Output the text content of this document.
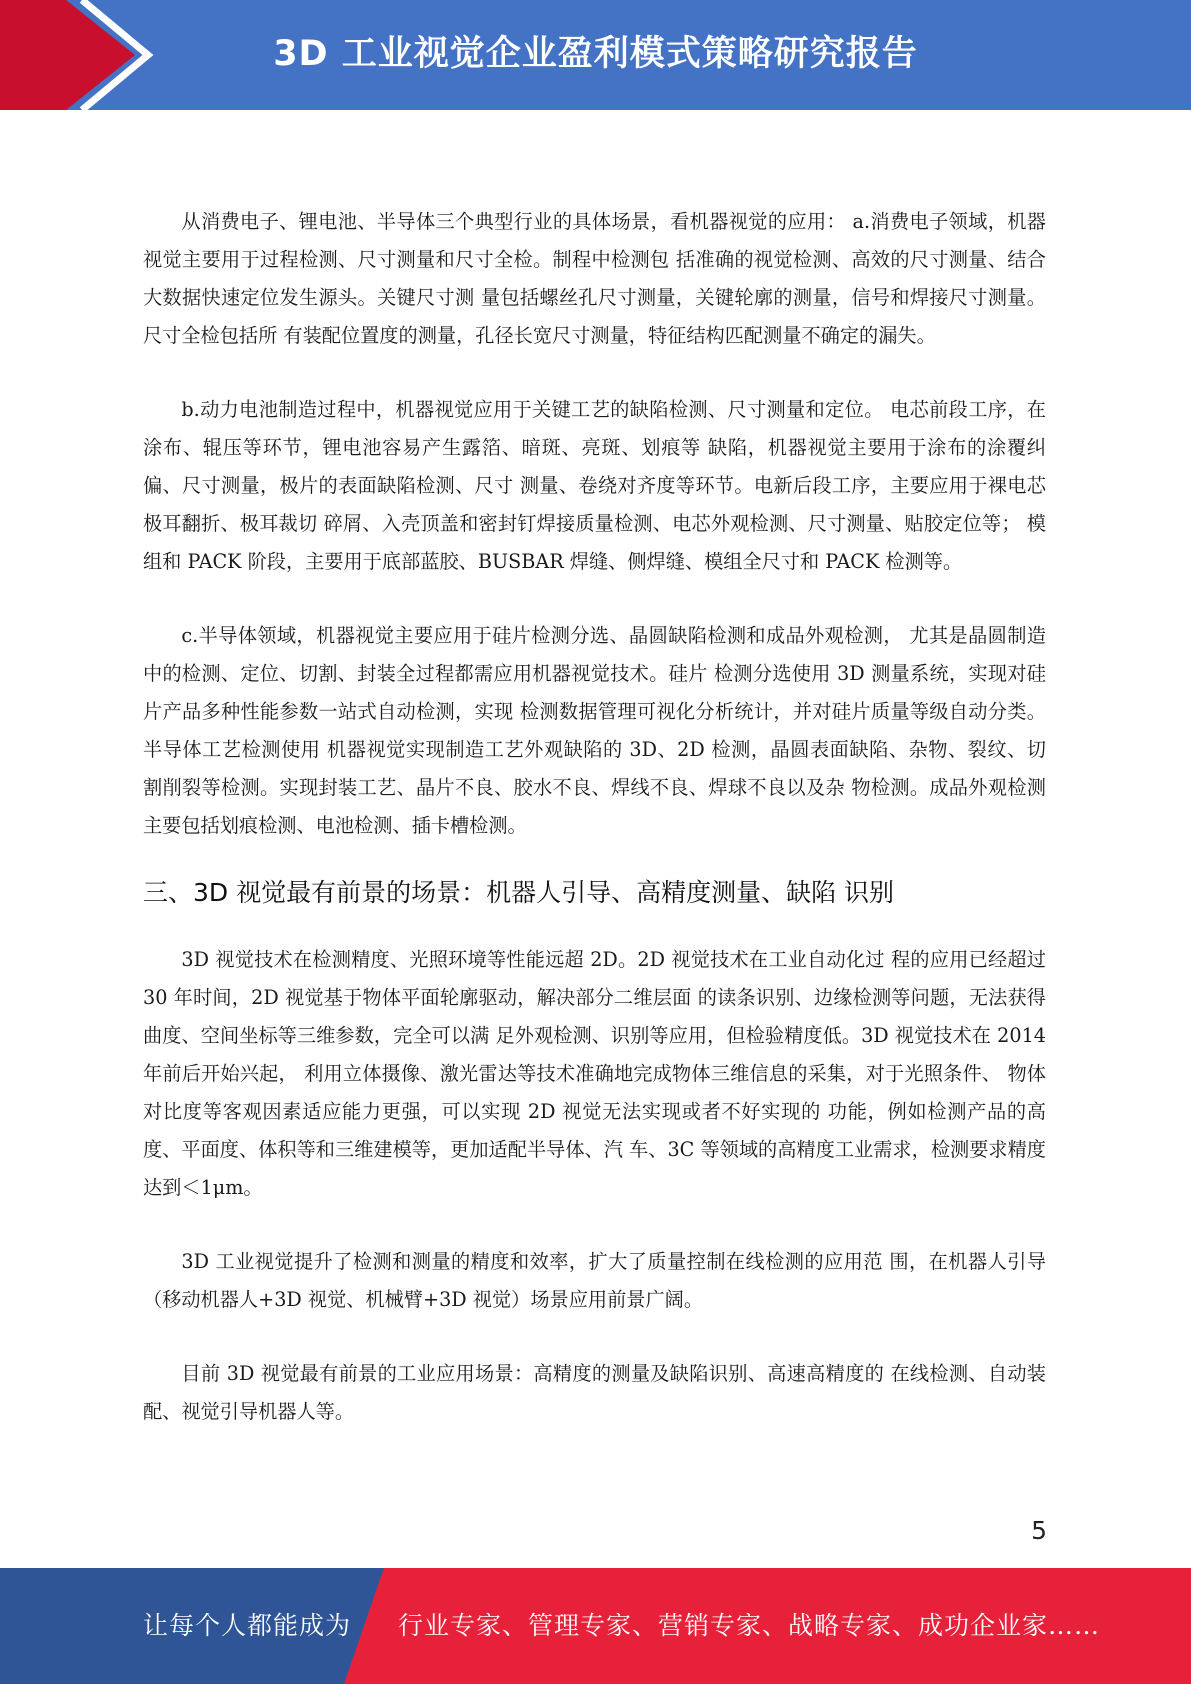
3D 工业视觉企业盈利模式策略研究报告

从消费电子、锂电池、半导体三个典型行业的具体场景，看机器视觉的应用： a.消费电子领域，机器视觉主要用于过程检测、尺寸测量和尺寸全检。制程中检测包 括准确的视觉检测、高效的尺寸测量、结合大数据快速定位发生源头。关键尺寸测 量包括螺丝孔尺寸测量，关键轮廓的测量，信号和焊接尺寸测量。尺寸全检包括所 有装配位置度的测量，孔径长宽尺寸测量，特征结构匹配测量不确定的漏失。

b.动力电池制造过程中，机器视觉应用于关键工艺的缺陷检测、尺寸测量和定位。 电芯前段工序，在涂布、辊压等环节，锂电池容易产生露箔、暗斑、亮斑、划痕等 缺陷，机器视觉主要用于涂布的涂覆纠偏、尺寸测量，极片的表面缺陷检测、尺寸 测量、卷绕对齐度等环节。电新后段工序，主要应用于裸电芯极耳翻折、极耳裁切 碎屑、入壳顶盖和密封钉焊接质量检测、电芯外观检测、尺寸测量、贴胶定位等； 模组和 PACK 阶段，主要用于底部蓝胶、BUSBAR 焊缝、侧焊缝、模组全尺寸和 PACK 检测等。

c.半导体领域，机器视觉主要应用于硅片检测分选、晶圆缺陷检测和成品外观检测， 尤其是晶圆制造中的检测、定位、切割、封装全过程都需应用机器视觉技术。硅片 检测分选使用 3D 测量系统，实现对硅片产品多种性能参数一站式自动检测，实现 检测数据管理可视化分析统计，并对硅片质量等级自动分类。半导体工艺检测使用 机器视觉实现制造工艺外观缺陷的 3D、2D 检测，晶圆表面缺陷、杂物、裂纹、切 割削裂等检测。实现封装工艺、晶片不良、胶水不良、焊线不良、焊球不良以及杂 物检测。成品外观检测主要包括划痕检测、电池检测、插卡槽检测。

三、3D 视觉最有前景的场景：机器人引导、高精度测量、缺陷 识别

3D 视觉技术在检测精度、光照环境等性能远超 2D。2D 视觉技术在工业自动化过 程的应用已经超过 30 年时间，2D 视觉基于物体平面轮廓驱动，解决部分二维层面 的读条识别、边缘检测等问题，无法获得曲度、空间坐标等三维参数，完全可以满 足外观检测、识别等应用，但检验精度低。3D 视觉技术在 2014 年前后开始兴起， 利用立体摄像、激光雷达等技术准确地完成物体三维信息的采集，对于光照条件、 物体对比度等客观因素适应能力更强，可以实现 2D 视觉无法实现或者不好实现的 功能，例如检测产品的高度、平面度、体积等和三维建模等，更加适配半导体、汽 车、3C 等领域的高精度工业需求，检测要求精度达到＜1μm。

3D 工业视觉提升了检测和测量的精度和效率，扩大了质量控制在线检测的应用范 围，在机器人引导（移动机器人+3D 视觉、机械臂+3D 视觉）场景应用前景广阔。

目前 3D 视觉最有前景的工业应用场景：高精度的测量及缺陷识别、高速高精度的 在线检测、自动装配、视觉引导机器人等。

5
让每个人都能成为 行业专家、管理专家、营销专家、战略专家、成功企业家……
